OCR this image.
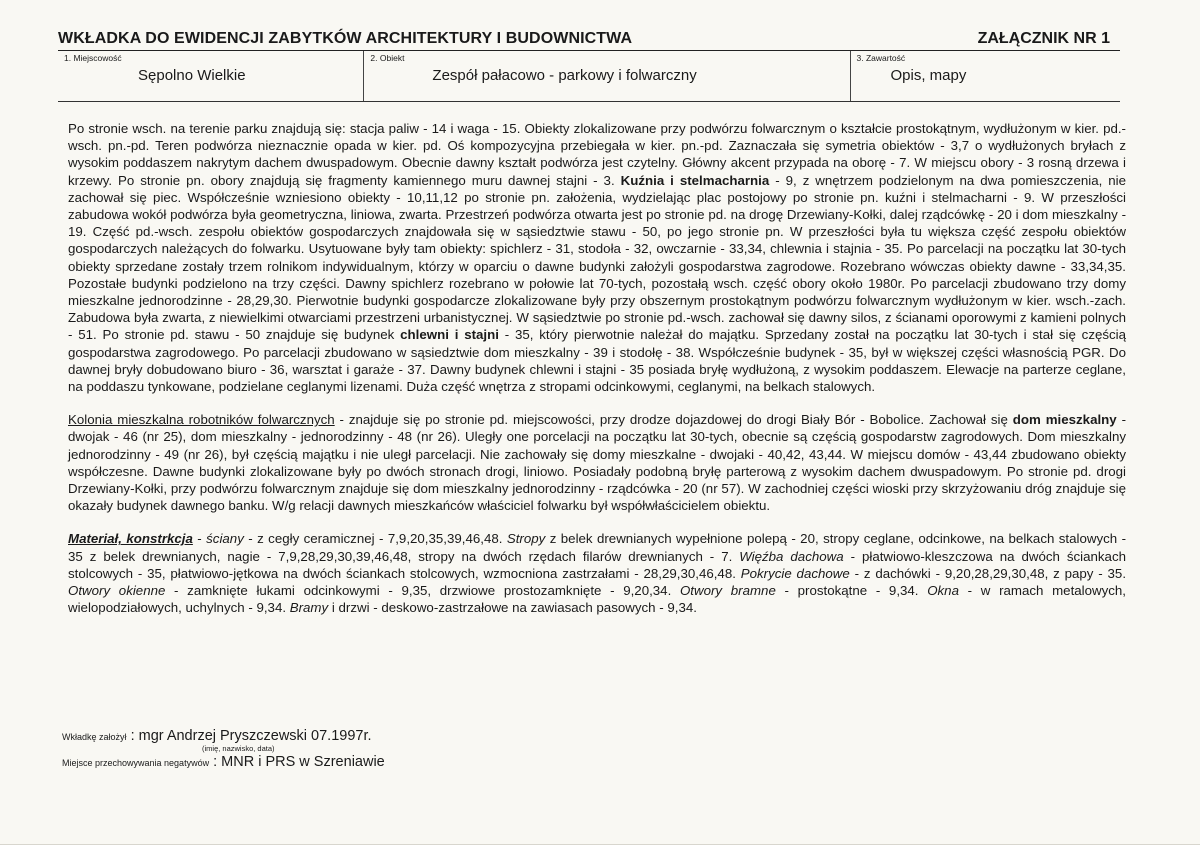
WKŁADKA DO EWIDENCJI ZABYTKÓW ARCHITEKTURY I BUDOWNICTWA	ZAŁĄCZNIK NR 1
1. Miejscowość
Sępolno Wielkie
2. Obiekt
Zespół pałacowo - parkowy i folwarczny
3. Zawartość
Opis, mapy

Po stronie wsch. na terenie parku znajdują się: stacja paliw - 14 i waga - 15. Obiekty zlokalizowane przy podwórzu folwarcznym o kształcie prostokątnym, wydłużonym w kier. pd.-wsch. pn.-pd. Teren podwórza nieznacznie opada w kier. pd. Oś kompozycyjna przebiegała w kier. pn.-pd. Zaznaczała się symetria obiektów - 3,7 o wydłużonych bryłach z wysokim poddaszem nakrytym dachem dwuspadowym. Obecnie dawny kształt podwórza jest czytelny. Główny akcent przypada na oborę - 7. W miejscu obory - 3 rosną drzewa i krzewy. Po stronie pn. obory znajdują się fragmenty kamiennego muru dawnej stajni - 3. Kuźnia i stelmacharnia - 9, z wnętrzem podzielonym na dwa pomieszczenia, nie zachował się piec. Współcześnie wzniesiono obiekty - 10,11,12 po stronie pn. założenia, wydzielając plac postojowy po stronie pn. kuźni i stelmacharni - 9. W przeszłości zabudowa wokół podwórza była geometryczna, liniowa, zwarta. Przestrzeń podwórza otwarta jest po stronie pd. na drogę Drzewiany-Kołki, dalej rządcówkę - 20 i dom mieszkalny - 19. Część pd.-wsch. zespołu obiektów gospodarczych znajdowała się w sąsiedztwie stawu - 50, po jego stronie pn. W przeszłości była tu większa część zespołu obiektów gospodarczych należących do folwarku. Usytuowane były tam obiekty: spichlerz - 31, stodoła - 32, owczarnie - 33,34, chlewnia i stajnia - 35. Po parcelacji na początku lat 30-tych obiekty sprzedane zostały trzem rolnikom indywidualnym, którzy w oparciu o dawne budynki założyli gospodarstwa zagrodowe. Rozebrano wówczas obiekty dawne - 33,34,35. Pozostałe budynki podzielono na trzy części. Dawny spichlerz rozebrano w połowie lat 70-tych, pozostałą wsch. część obory około 1980r. Po parcelacji zbudowano trzy domy mieszkalne jednorodzinne - 28,29,30. Pierwotnie budynki gospodarcze zlokalizowane były przy obszernym prostokątnym podwórzu folwarcznym wydłużonym w kier. wsch.-zach. Zabudowa była zwarta, z niewielkimi otwarciami przestrzeni urbanistycznej. W sąsiedztwie po stronie pd.-wsch. zachował się dawny silos, z ścianami oporowymi z kamieni polnych - 51. Po stronie pd. stawu - 50 znajduje się budynek chlewni i stajni - 35, który pierwotnie należał do majątku. Sprzedany został na początku lat 30-tych i stał się częścią gospodarstwa zagrodowego. Po parcelacji zbudowano w sąsiedztwie dom mieszkalny - 39 i stodołę - 38. Współcześnie budynek - 35, był w większej części własnością PGR. Do dawnej bryły dobudowano biuro - 36, warsztat i garaże - 37. Dawny budynek chlewni i stajni - 35 posiada bryłę wydłużoną, z wysokim poddaszem. Elewacje na parterze ceglane, na poddaszu tynkowane, podzielane ceglanymi lizenami. Duża część wnętrza z stropami odcinkowymi, ceglanymi, na belkach stalowych.

Kolonia mieszkalna robotników folwarcznych - znajduje się po stronie pd. miejscowości, przy drodze dojazdowej do drogi Biały Bór - Bobolice. Zachował się dom mieszkalny - dwojak - 46 (nr 25), dom mieszkalny - jednorodzinny - 48 (nr 26). Uległy one porcelacji na początku lat 30-tych, obecnie są częścią gospodarstw zagrodowych. Dom mieszkalny jednorodzinny - 49 (nr 26), był częścią majątku i nie uległ parcelacji. Nie zachowały się domy mieszkalne - dwojaki - 40,42, 43,44. W miejscu domów - 43,44 zbudowano obiekty współczesne. Dawne budynki zlokalizowane były po dwóch stronach drogi, liniowo. Posiadały podobną bryłę parterową z wysokim dachem dwuspadowym. Po stronie pd. drogi Drzewiany-Kołki, przy podwórzu folwarcznym znajduje się dom mieszkalny jednorodzinny - rządcówka - 20 (nr 57). W zachodniej części wioski przy skrzyżowaniu dróg znajduje się okazały budynek dawnego banku. W/g relacji dawnych mieszkańców właściciel folwarku był współwłaścicielem obiektu.

Materiał, konstrkcja - ściany - z cegły ceramicznej - 7,9,20,35,39,46,48. Stropy z belek drewnianych wypełnione polepą - 20, stropy ceglane, odcinkowe, na belkach stalowych - 35 z belek drewnianych, nagie - 7,9,28,29,30,39,46,48, stropy na dwóch rzędach filarów drewnianych - 7. Więźba dachowa - płatwiowo-kleszczowa na dwóch ściankach stolcowych - 35, płatwiowo-jętkowa na dwóch ściankach stolcowych, wzmocniona zastrzałami - 28,29,30,46,48. Pokrycie dachowe - z dachówki - 9,20,28,29,30,48, z papy - 35. Otwory okienne - zamknięte łukami odcinkowymi - 9,35, drzwiowe prostozamknięte - 9,20,34. Otwory bramne - prostokątne - 9,34. Okna - w ramach metalowych, wielopodziałowych, uchylnych - 9,34. Bramy i drzwi - deskowo-zastrzałowe na zawiasach pasowych - 9,34.

Wkładkę założył : mgr Andrzej Pryszczewski 07.1997r.
(imię, nazwisko, data)
Miejsce przechowywania negatywów : MNR i PRS w Szreniawie
